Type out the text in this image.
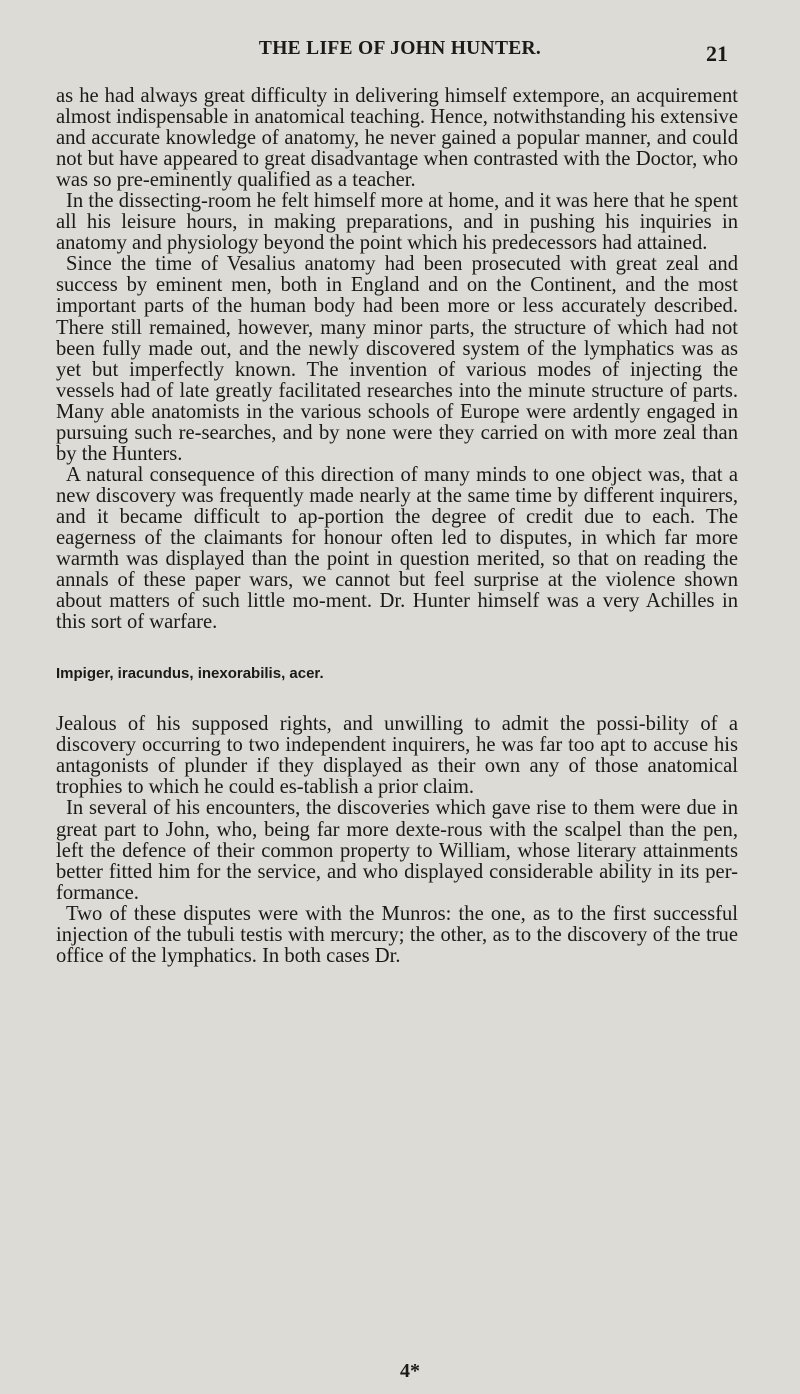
THE LIFE OF JOHN HUNTER.	21

as he had always great difficulty in delivering himself extempore, an acquirement almost indispensable in anatomical teaching. Hence, notwithstanding his extensive and accurate knowledge of anatomy, he never gained a popular manner, and could not but have appeared to great disadvantage when contrasted with the Doctor, who was so pre-eminently qualified as a teacher.

In the dissecting-room he felt himself more at home, and it was here that he spent all his leisure hours, in making preparations, and in pushing his inquiries in anatomy and physiology beyond the point which his predecessors had attained.

Since the time of Vesalius anatomy had been prosecuted with great zeal and success by eminent men, both in England and on the Continent, and the most important parts of the human body had been more or less accurately described. There still remained, however, many minor parts, the structure of which had not been fully made out, and the newly discovered system of the lymphatics was as yet but imperfectly known. The invention of various modes of injecting the vessels had of late greatly facilitated researches into the minute structure of parts. Many able anatomists in the various schools of Europe were ardently engaged in pursuing such re-searches, and by none were they carried on with more zeal than by the Hunters.

A natural consequence of this direction of many minds to one object was, that a new discovery was frequently made nearly at the same time by different inquirers, and it became difficult to ap-portion the degree of credit due to each. The eagerness of the claimants for honour often led to disputes, in which far more warmth was displayed than the point in question merited, so that on reading the annals of these paper wars, we cannot but feel surprise at the violence shown about matters of such little mo-ment. Dr. Hunter himself was a very Achilles in this sort of warfare.

Impiger, iracundus, inexorabilis, acer.

Jealous of his supposed rights, and unwilling to admit the possi-bility of a discovery occurring to two independent inquirers, he was far too apt to accuse his antagonists of plunder if they displayed as their own any of those anatomical trophies to which he could es-tablish a prior claim.

In several of his encounters, the discoveries which gave rise to them were due in great part to John, who, being far more dexte-rous with the scalpel than the pen, left the defence of their common property to William, whose literary attainments better fitted him for the service, and who displayed considerable ability in its per-formance.

Two of these disputes were with the Munros: the one, as to the first successful injection of the tubuli testis with mercury; the other, as to the discovery of the true office of the lymphatics. In both cases Dr.

4*
